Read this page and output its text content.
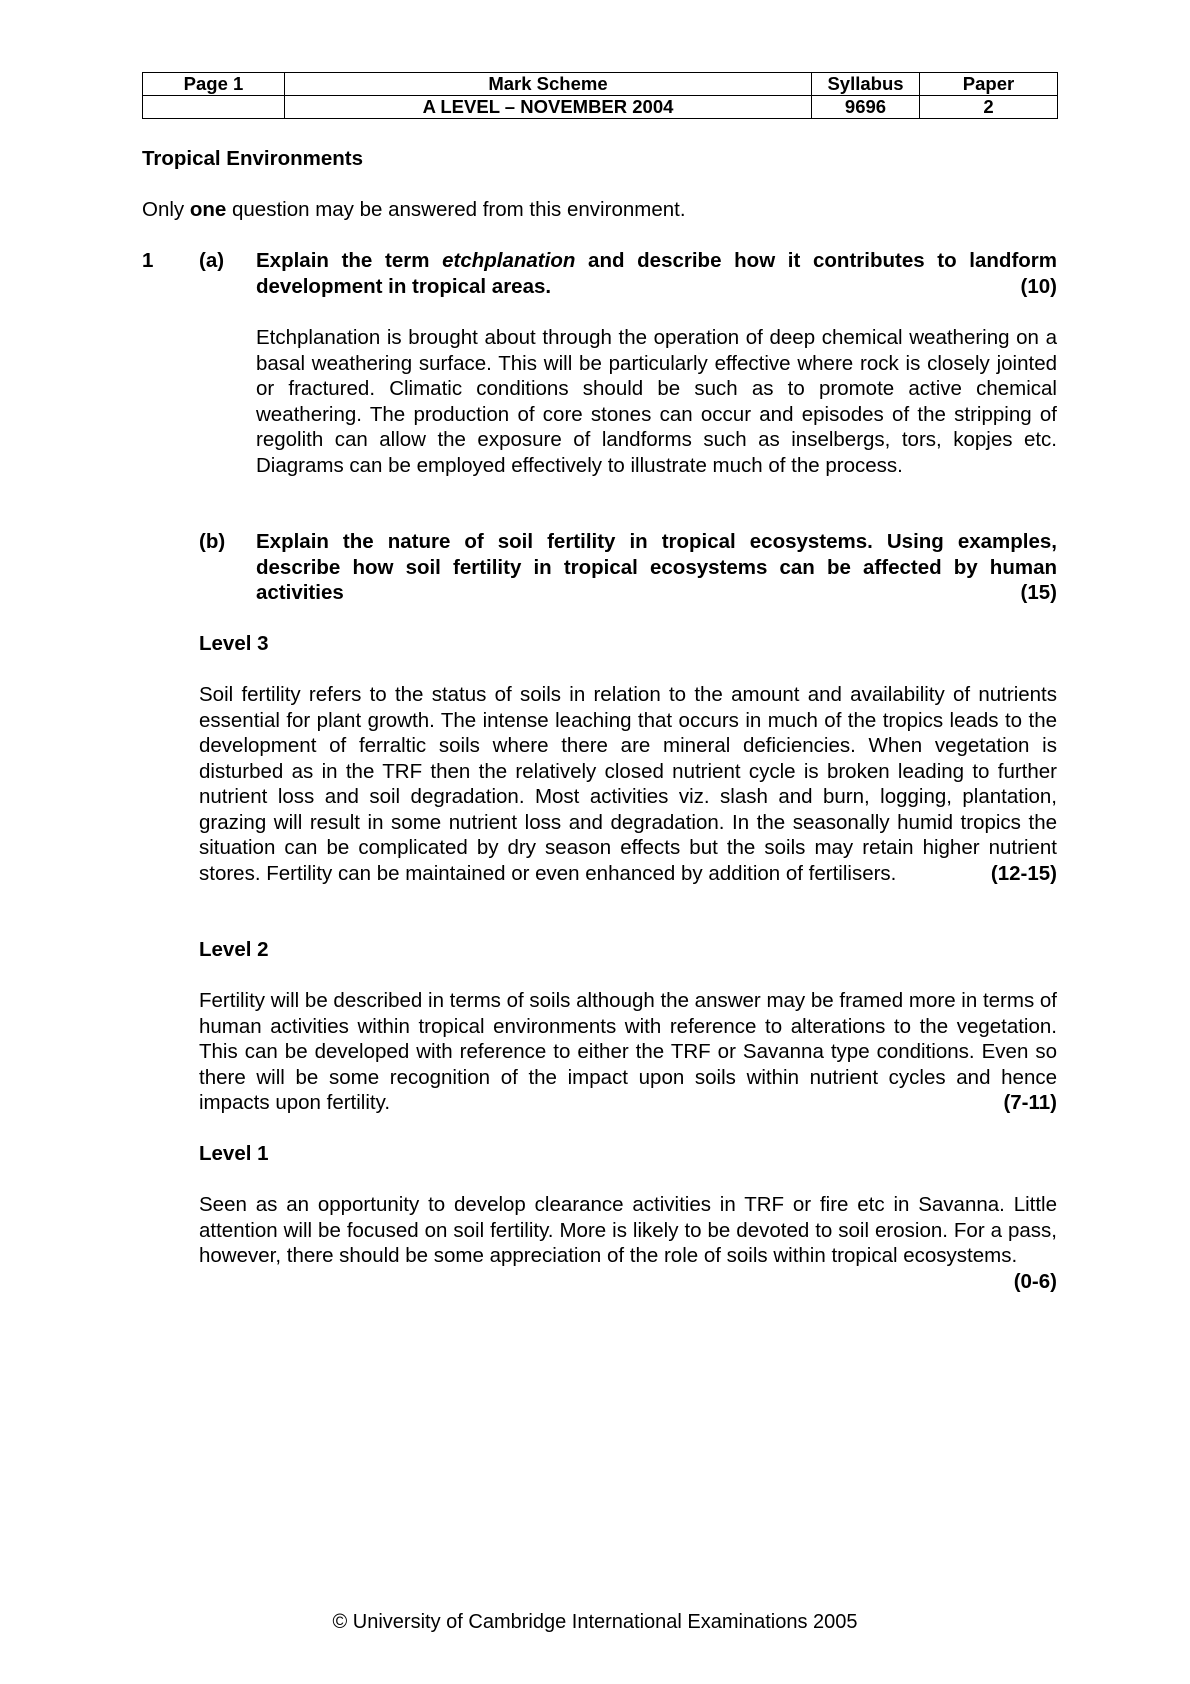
Page 1	Mark Scheme	Syllabus	Paper
	A LEVEL – NOVEMBER 2004	9696	2
Tropical Environments
Only one question may be answered from this environment.
1 (a) Explain the term etchplanation and describe how it contributes to landform development in tropical areas.	(10)
Etchplanation is brought about through the operation of deep chemical weathering on a basal weathering surface. This will be particularly effective where rock is closely jointed or fractured. Climatic conditions should be such as to promote active chemical weathering. The production of core stones can occur and episodes of the stripping of regolith can allow the exposure of landforms such as inselbergs, tors, kopjes etc. Diagrams can be employed effectively to illustrate much of the process.
(b) Explain the nature of soil fertility in tropical ecosystems. Using examples, describe how soil fertility in tropical ecosystems can be affected by human activities	(15)
Level 3
Soil fertility refers to the status of soils in relation to the amount and availability of nutrients essential for plant growth. The intense leaching that occurs in much of the tropics leads to the development of ferraltic soils where there are mineral deficiencies. When vegetation is disturbed as in the TRF then the relatively closed nutrient cycle is broken leading to further nutrient loss and soil degradation. Most activities viz. slash and burn, logging, plantation, grazing will result in some nutrient loss and degradation. In the seasonally humid tropics the situation can be complicated by dry season effects but the soils may retain higher nutrient stores. Fertility can be maintained or even enhanced by addition of fertilisers.	(12-15)
Level 2
Fertility will be described in terms of soils although the answer may be framed more in terms of human activities within tropical environments with reference to alterations to the vegetation. This can be developed with reference to either the TRF or Savanna type conditions. Even so there will be some recognition of the impact upon soils within nutrient cycles and hence impacts upon fertility.	(7-11)
Level 1
Seen as an opportunity to develop clearance activities in TRF or fire etc in Savanna. Little attention will be focused on soil fertility. More is likely to be devoted to soil erosion. For a pass, however, there should be some appreciation of the role of soils within tropical ecosystems.
(0-6)
© University of Cambridge International Examinations 2005
